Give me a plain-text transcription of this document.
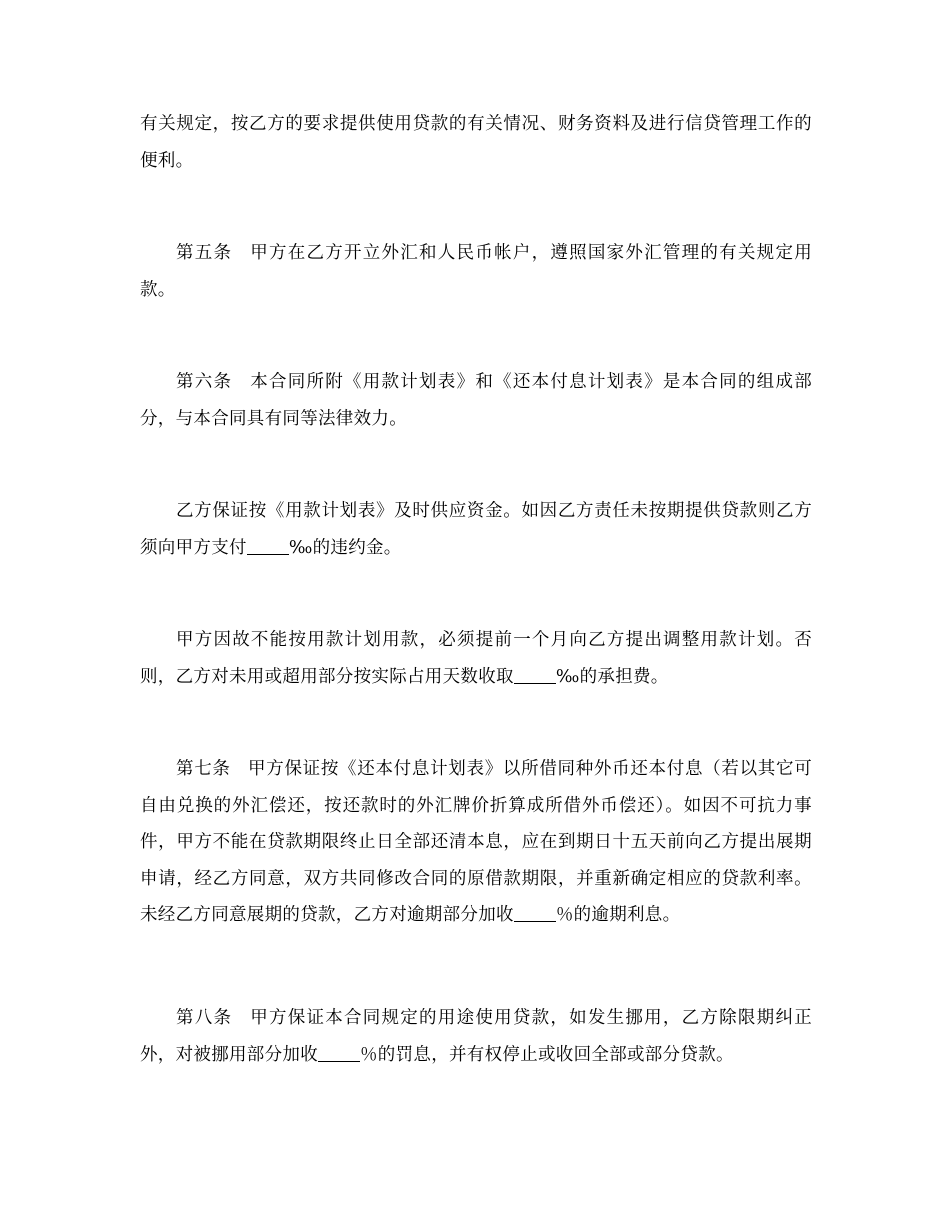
有关规定，按乙方的要求提供使用贷款的有关情况、财务资料及进行信贷管理工作的便利。

第五条 甲方在乙方开立外汇和人民币帐户，遵照国家外汇管理的有关规定用款。

第六条 本合同所附《用款计划表》和《还本付息计划表》是本合同的组成部分，与本合同具有同等法律效力。

乙方保证按《用款计划表》及时供应资金。如因乙方责任未按期提供贷款则乙方须向甲方支付 ‰的违约金。

甲方因故不能按用款计划用款，必须提前一个月向乙方提出调整用款计划。否则，乙方对未用或超用部分按实际占用天数收取 ‰的承担费。

第七条 甲方保证按《还本付息计划表》以所借同种外币还本付息（若以其它可自由兑换的外汇偿还，按还款时的外汇牌价折算成所借外币偿还）。如因不可抗力事件，甲方不能在贷款期限终止日全部还清本息，应在到期日十五天前向乙方提出展期申请，经乙方同意，双方共同修改合同的原借款期限，并重新确定相应的贷款利率。未经乙方同意展期的贷款，乙方对逾期部分加收 ％的逾期利息。

第八条 甲方保证本合同规定的用途使用贷款，如发生挪用，乙方除限期纠正外，对被挪用部分加收 ％的罚息，并有权停止或收回全部或部分贷款。
